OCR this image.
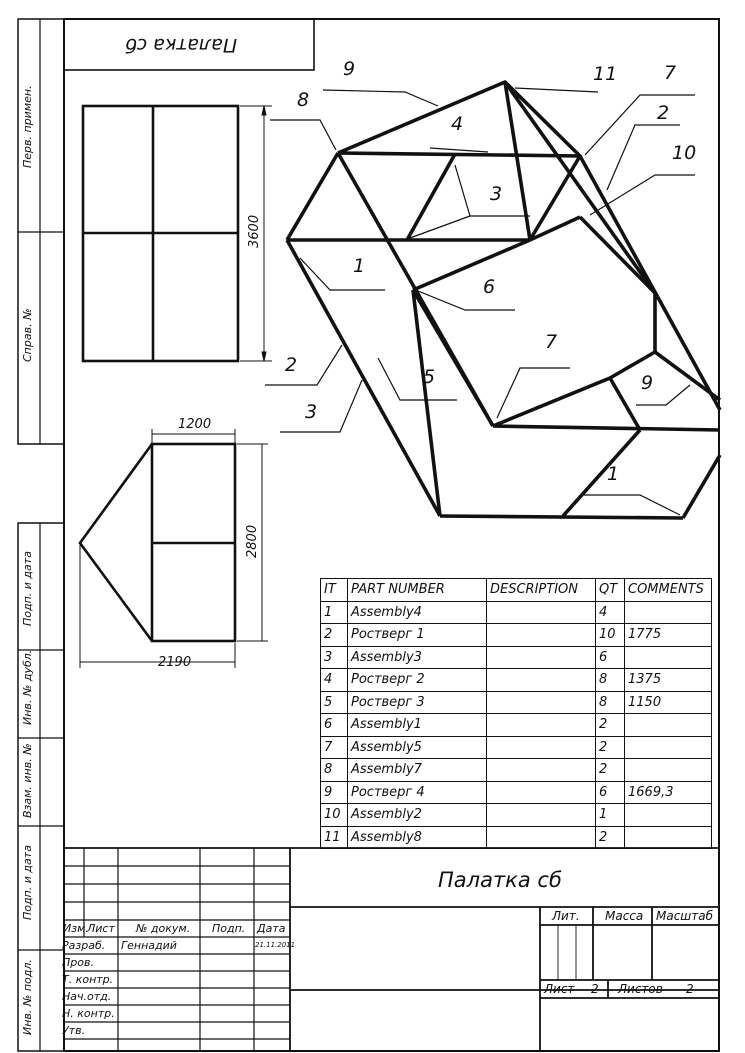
Палатка сб
Перв. примен.
Справ. №
Подп. и дата
Инв. № дубл.
Взам. инв. №
Подп. и дата
Инв. № подл.
3600
1200
2800
2190
9	11 7
8
4	2
10
3
1
6
2
7
5	9
3
1
IT	PART NUMBER	DESCRIPTION	QT	COMMENTS
1	Assembly4		4	
2	Ростверг 1		10	1775
3	Assembly3		6	
4	Ростверг 2		8	1375
5	Ростверг 3		8	1150
6	Assembly1		2	
7	Assembly5		2	
8	Assembly7		2	
9	Ростверг 4		6	1669,3
10	Assembly2		1	
11	Assembly8		2	
Палатка сб
Изм.
Лист № докум. Подп. Дата
Разраб. Геннадий	21.11.2011
Пров.
Т. контр.
Нач.отд.
Н. контр.
Утв.
Лит. Масса Масштаб
Лист 2 Листов 2
